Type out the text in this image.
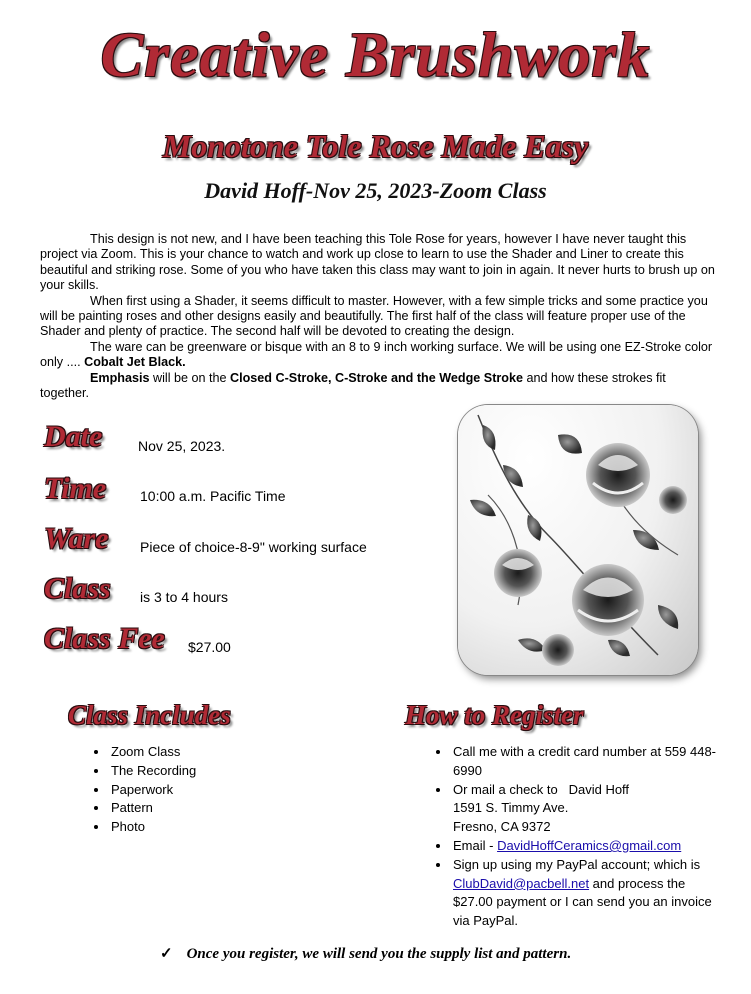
Creative Brushwork
Monotone Tole Rose Made Easy
David Hoff-Nov 25, 2023-Zoom Class

This design is not new, and I have been teaching this Tole Rose for years, however I have never taught this project via Zoom. This is your chance to watch and work up close to learn to use the Shader and Liner to create this beautiful and striking rose. Some of you who have taken this class may want to join in again. It never hurts to brush up on your skills.

When first using a Shader, it seems difficult to master. However, with a few simple tricks and some practice you will be painting roses and other designs easily and beautifully. The first half of the class will feature proper use of the Shader and plenty of practice. The second half will be devoted to creating the design.

The ware can be greenware or bisque with an 8 to 9 inch working surface. We will be using one EZ-Stroke color only .... Cobalt Jet Black.

Emphasis will be on the Closed C-Stroke, C-Stroke and the Wedge Stroke and how these strokes fit together.

Date	Nov 25, 2023.
Time 10:00 a.m. Pacific Time
Ware Piece of choice-8-9" working surface
Class is 3 to 4 hours
Class Fee $27.00
Class Includes
• Zoom Class
• The Recording
• Paperwork
• Pattern
• Photo
How to Register
• Call me with a credit card number at 559 448-6990
• Or mail a check to   David Hoff
1591 S. Timmy Ave.
Fresno, CA 9372
• Email - DavidHoffCeramics@gmail.com
• Sign up using my PayPal account; which is ClubDavid@pacbell.net and process the $27.00 payment or I can send you an invoice via PayPal.
✓ Once you register, we will send you the supply list and pattern.
